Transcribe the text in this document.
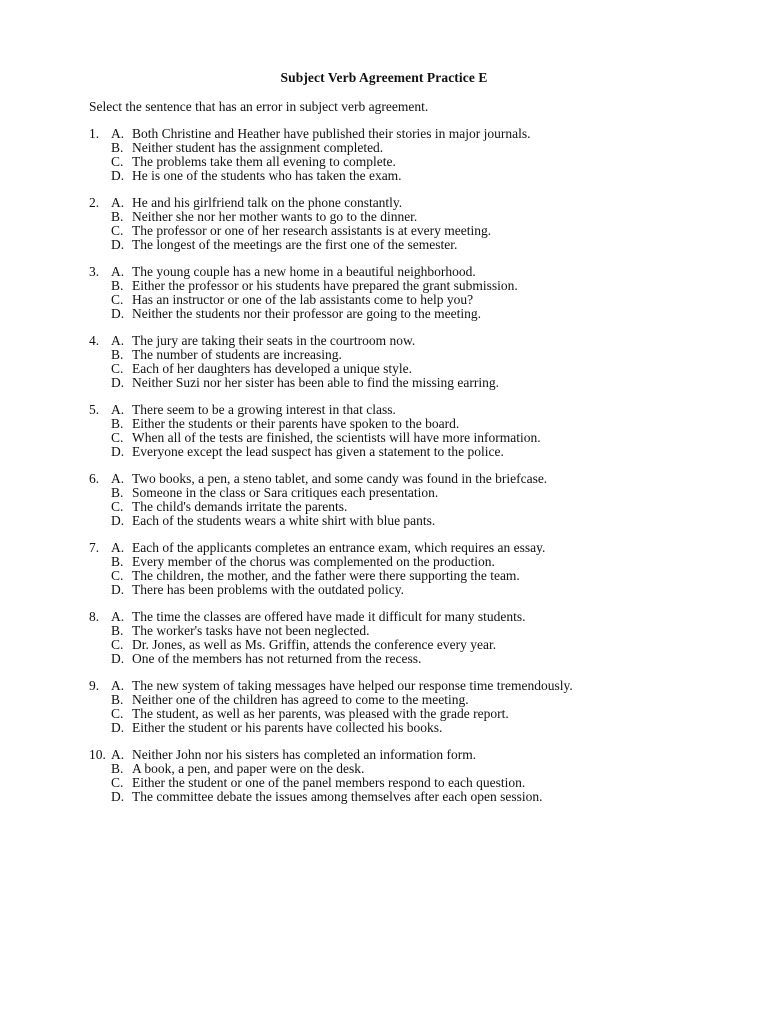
Subject Verb Agreement Practice E
Select the sentence that has an error in subject verb agreement.
1. A. Both Christine and Heather have published their stories in major journals.
B. Neither student has the assignment completed.
C. The problems take them all evening to complete.
D. He is one of the students who has taken the exam.
2. A. He and his girlfriend talk on the phone constantly.
B. Neither she nor her mother wants to go to the dinner.
C. The professor or one of her research assistants is at every meeting.
D. The longest of the meetings are the first one of the semester.
3. A. The young couple has a new home in a beautiful neighborhood.
B. Either the professor or his students have prepared the grant submission.
C. Has an instructor or one of the lab assistants come to help you?
D. Neither the students nor their professor are going to the meeting.
4. A. The jury are taking their seats in the courtroom now.
B. The number of students are increasing.
C. Each of her daughters has developed a unique style.
D. Neither Suzi nor her sister has been able to find the missing earring.
5. A. There seem to be a growing interest in that class.
B. Either the students or their parents have spoken to the board.
C. When all of the tests are finished, the scientists will have more information.
D. Everyone except the lead suspect has given a statement to the police.
6. A. Two books, a pen, a steno tablet, and some candy was found in the briefcase.
B. Someone in the class or Sara critiques each presentation.
C. The child's demands irritate the parents.
D. Each of the students wears a white shirt with blue pants.
7. A. Each of the applicants completes an entrance exam, which requires an essay.
B. Every member of the chorus was complemented on the production.
C. The children, the mother, and the father were there supporting the team.
D. There has been problems with the outdated policy.
8. A. The time the classes are offered have made it difficult for many students.
B. The worker's tasks have not been neglected.
C. Dr. Jones, as well as Ms. Griffin, attends the conference every year.
D. One of the members has not returned from the recess.
9. A. The new system of taking messages have helped our response time tremendously.
B. Neither one of the children has agreed to come to the meeting.
C. The student, as well as her parents, was pleased with the grade report.
D. Either the student or his parents have collected his books.
10. A. Neither John nor his sisters has completed an information form.
B. A book, a pen, and paper were on the desk.
C. Either the student or one of the panel members respond to each question.
D. The committee debate the issues among themselves after each open session.
